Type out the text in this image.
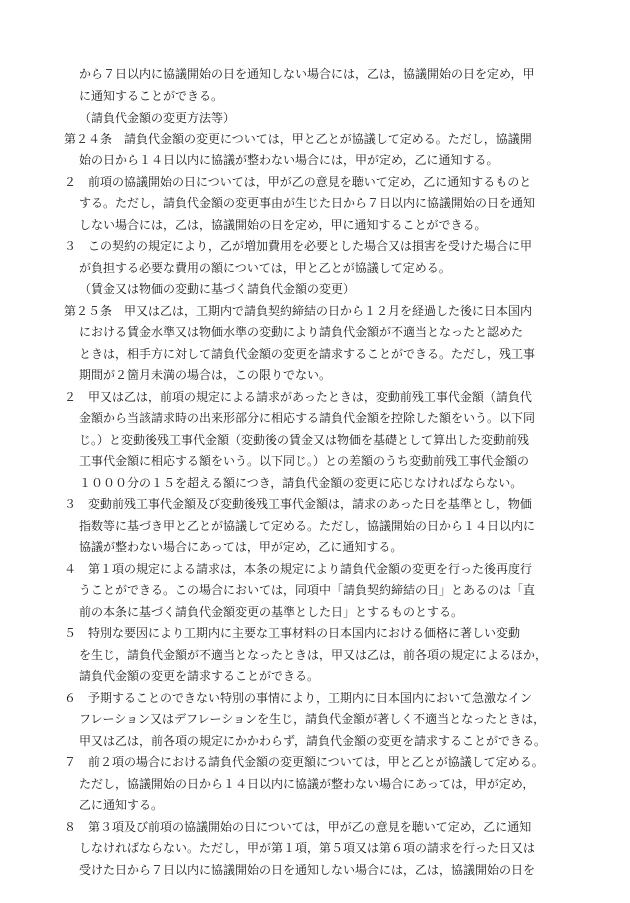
から７日以内に協議開始の日を通知しない場合には，乙は，協議開始の日を定め，甲
に通知することができる。
（請負代金額の変更方法等）
第２４条　請負代金額の変更については，甲と乙とが協議して定める。ただし，協議開
始の日から１４日以内に協議が整わない場合には，甲が定め，乙に通知する。
２　前項の協議開始の日については，甲が乙の意見を聴いて定め，乙に通知するものと
する。ただし，請負代金額の変更事由が生じた日から７日以内に協議開始の日を通知
しない場合には，乙は，協議開始の日を定め，甲に通知することができる。
３　この契約の規定により，乙が増加費用を必要とした場合又は損害を受けた場合に甲
が負担する必要な費用の額については，甲と乙とが協議して定める。
（賃金又は物価の変動に基づく請負代金額の変更）
第２５条　甲又は乙は，工期内で請負契約締結の日から１２月を経過した後に日本国内
における賃金水準又は物価水準の変動により請負代金額が不適当となったと認めた
ときは，相手方に対して請負代金額の変更を請求することができる。ただし，残工事
期間が２箇月未満の場合は，この限りでない。
２　甲又は乙は，前項の規定による請求があったときは，変動前残工事代金額（請負代
金額から当該請求時の出来形部分に相応する請負代金額を控除した額をいう。以下同
じ。）と変動後残工事代金額（変動後の賃金又は物価を基礎として算出した変動前残
工事代金額に相応する額をいう。以下同じ。）との差額のうち変動前残工事代金額の
１０００分の１５を超える額につき，請負代金額の変更に応じなければならない。
３　変動前残工事代金額及び変動後残工事代金額は，請求のあった日を基準とし，物価
指数等に基づき甲と乙とが協議して定める。ただし，協議開始の日から１４日以内に
協議が整わない場合にあっては，甲が定め，乙に通知する。
４　第１項の規定による請求は，本条の規定により請負代金額の変更を行った後再度行
うことができる。この場合においては，同項中「請負契約締結の日」とあるのは「直
前の本条に基づく請負代金額変更の基準とした日」とするものとする。
５　特別な要因により工期内に主要な工事材料の日本国内における価格に著しい変動
を生じ，請負代金額が不適当となったときは，甲又は乙は，前各項の規定によるほか，
請負代金額の変更を請求することができる。
６　予期することのできない特別の事情により，工期内に日本国内において急激なイン
フレーション又はデフレーションを生じ，請負代金額が著しく不適当となったときは，
甲又は乙は，前各項の規定にかかわらず，請負代金額の変更を請求することができる。
７　前２項の場合における請負代金額の変更額については，甲と乙とが協議して定める。
ただし，協議開始の日から１４日以内に協議が整わない場合にあっては，甲が定め，
乙に通知する。
８　第３項及び前項の協議開始の日については，甲が乙の意見を聴いて定め，乙に通知
しなければならない。ただし，甲が第１項，第５項又は第６項の請求を行った日又は
受けた日から７日以内に協議開始の日を通知しない場合には，乙は，協議開始の日を
